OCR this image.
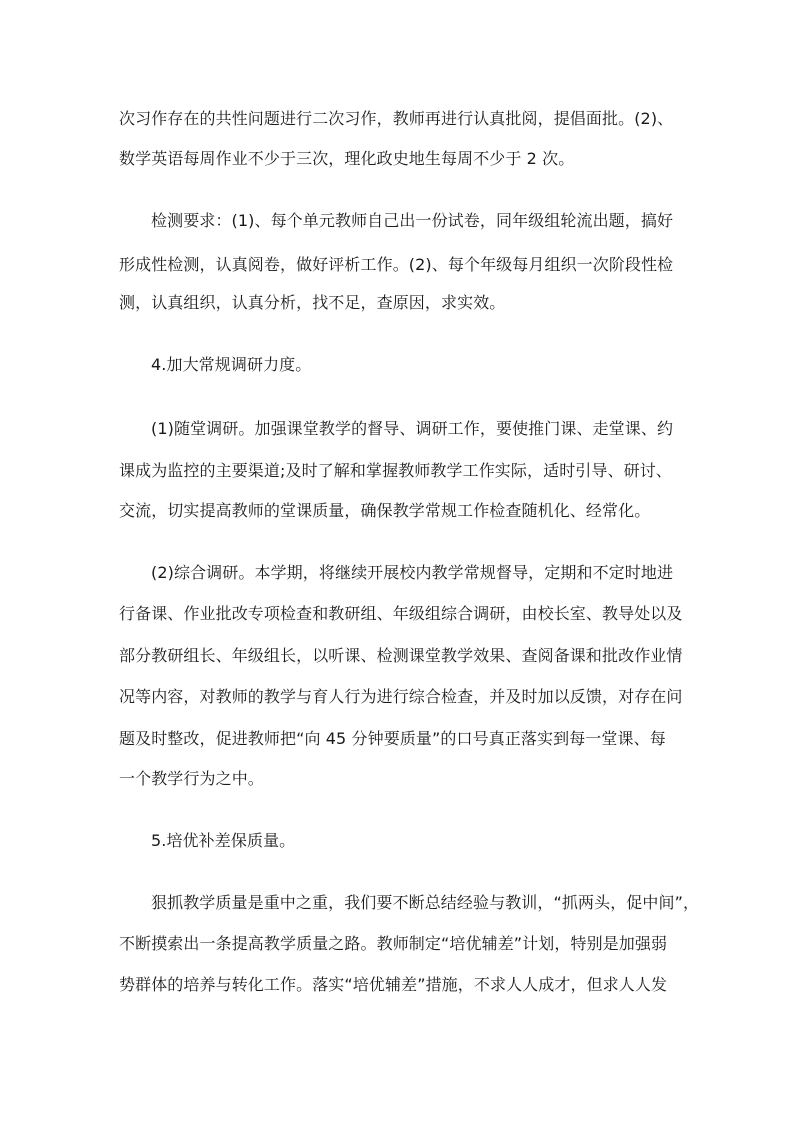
次习作存在的共性问题进行二次习作，教师再进行认真批阅，提倡面批。(2)、
数学英语每周作业不少于三次，理化政史地生每周不少于 2 次。
检测要求：(1)、每个单元教师自己出一份试卷，同年级组轮流出题，搞好
形成性检测，认真阅卷，做好评析工作。(2)、每个年级每月组织一次阶段性检
测，认真组织，认真分析，找不足，查原因，求实效。
4.加大常规调研力度。
(1)随堂调研。加强课堂教学的督导、调研工作，要使推门课、走堂课、约
课成为监控的主要渠道;及时了解和掌握教师教学工作实际，适时引导、研讨、
交流，切实提高教师的堂课质量，确保教学常规工作检查随机化、经常化。
(2)综合调研。本学期，将继续开展校内教学常规督导，定期和不定时地进
行备课、作业批改专项检查和教研组、年级组综合调研，由校长室、教导处以及
部分教研组长、年级组长，以听课、检测课堂教学效果、查阅备课和批改作业情
况等内容，对教师的教学与育人行为进行综合检查，并及时加以反馈，对存在问
题及时整改，促进教师把“向 45 分钟要质量”的口号真正落实到每一堂课、每
一个教学行为之中。
5.培优补差保质量。
狠抓教学质量是重中之重，我们要不断总结经验与教训，“抓两头，促中间”，
不断摸索出一条提高教学质量之路。教师制定“培优辅差”计划，特别是加强弱
势群体的培养与转化工作。落实“培优辅差”措施，不求人人成才，但求人人发
